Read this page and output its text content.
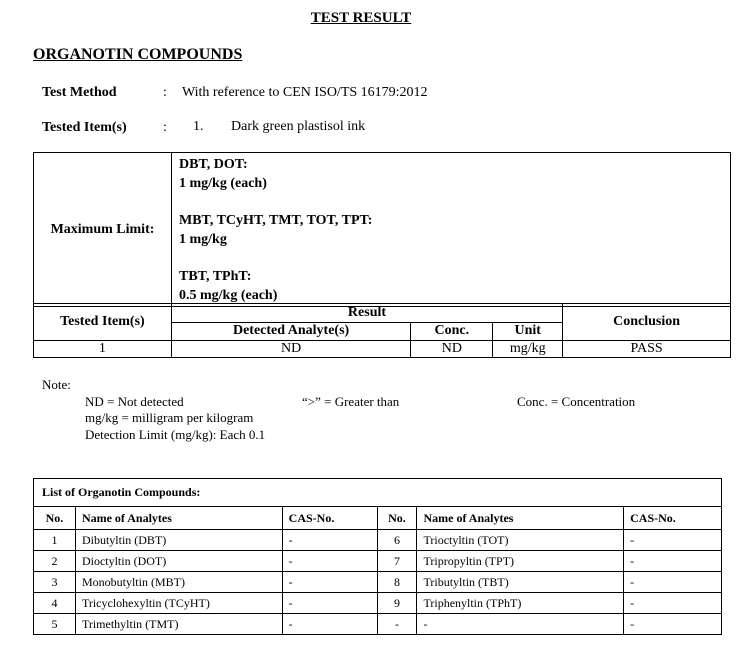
TEST RESULT
ORGANOTIN COMPOUNDS
Test Method	: With reference to CEN ISO/TS 16179:2012
Tested Item(s)	: 1. Dark green plastisol ink
Maximum Limit:	
DBT, DOT:
1 mg/kg (each)
MBT, TCyHT, TMT, TOT, TPT:
1 mg/kg
TBT, TPhT:
0.5 mg/kg (each)
Tested Item(s)	Result			Conclusion
	Detected Analyte(s)	Conc.	Unit	
1	ND	ND	mg/kg	PASS
Note:
ND = Not detected	“>” = Greater than	Conc. = Concentration
mg/kg = milligram per kilogram
Detection Limit (mg/kg): Each 0.1
List of Organotin Compounds:
No.	Name of Analytes	CAS-No.	No.	Name of Analytes	CAS-No.
1	Dibutyltin (DBT)	-	6	Trioctyltin (TOT)	-
2	Dioctyltin (DOT)	-	7	Tripropyltin (TPT)	-
3	Monobutyltin (MBT)	-	8	Tributyltin (TBT)	-
4	Tricyclohexyltin (TCyHT)	-	9	Triphenyltin (TPhT)	-
5	Trimethyltin (TMT)	-	-	-	-
